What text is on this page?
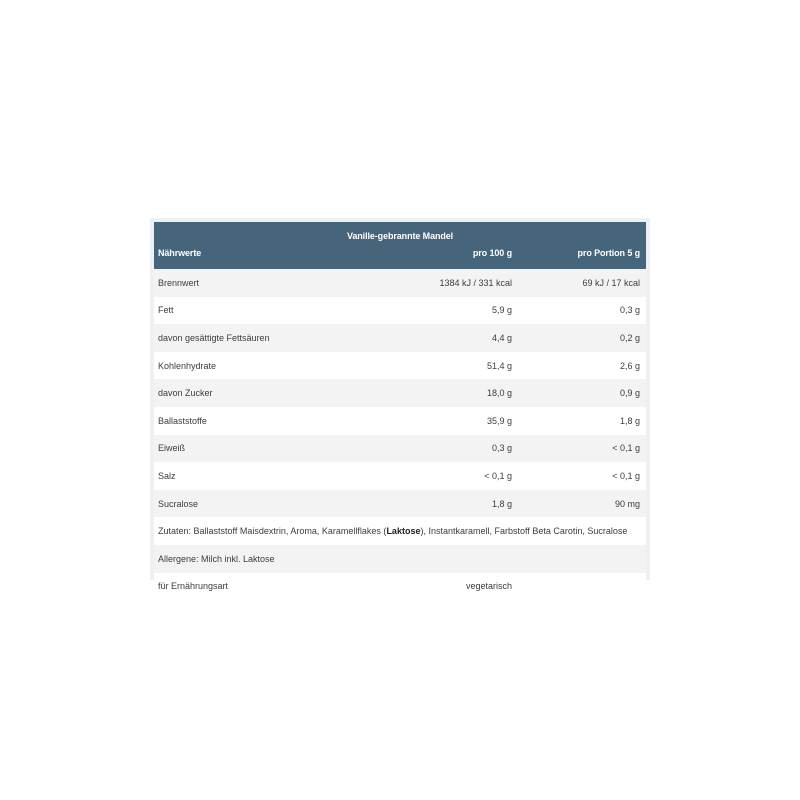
Vanille-gebrannte Mandel		
Nährwerte	pro 100 g	pro Portion 5 g
Brennwert	1384 kJ / 331 kcal	69 kJ / 17 kcal
Fett	5,9 g	0,3 g
davon gesättigte Fettsäuren	4,4 g	0,2 g
Kohlenhydrate	51,4 g	2,6 g
davon Zucker	18,0 g	0,9 g
Ballaststoffe	35,9 g	1,8 g
Eiweiß	0,3 g	< 0,1 g
Salz	< 0,1 g	< 0,1 g
Sucralose	1,8 g	90 mg
Zutaten: Ballaststoff Maisdextrin, Aroma, Karamellflakes (Laktose), Instantkaramell, Farbstoff Beta Carotin, Sucralose		
Allergene: Milch inkl. Laktose		
für Ernährungsart	vegetarisch	
